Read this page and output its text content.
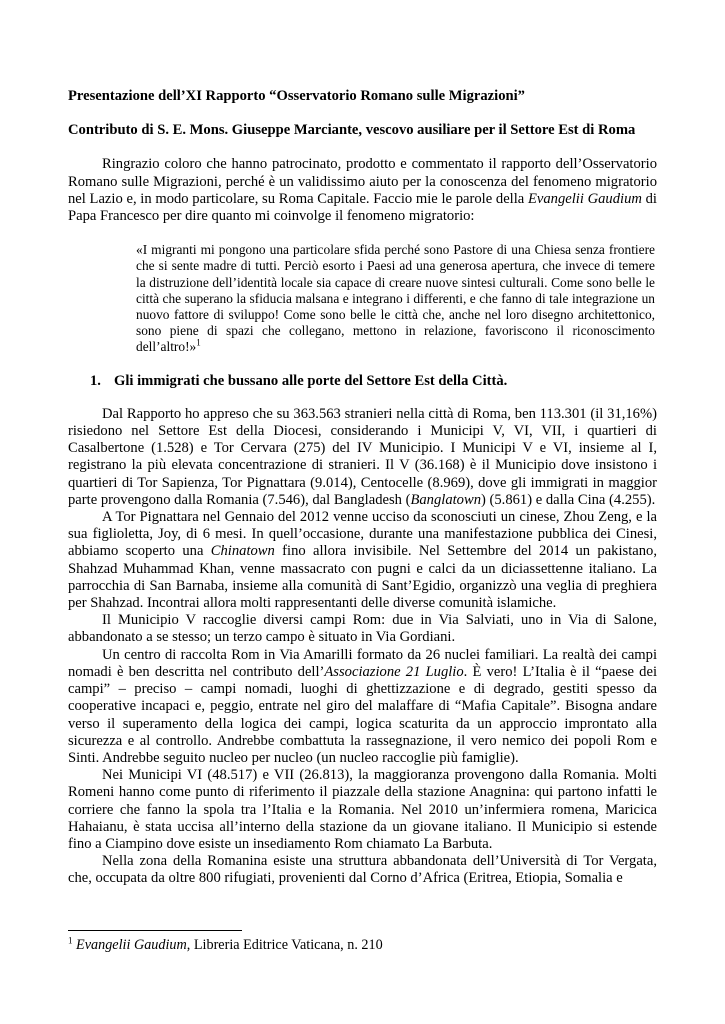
Presentazione dell’XI Rapporto “Osservatorio Romano sulle Migrazioni”

Contributo di S. E. Mons. Giuseppe Marciante, vescovo ausiliare per il Settore Est di Roma

Ringrazio coloro che hanno patrocinato, prodotto e commentato il rapporto dell’Osservatorio Romano sulle Migrazioni, perché è un validissimo aiuto per la conoscenza del fenomeno migratorio nel Lazio e, in modo particolare, su Roma Capitale. Faccio mie le parole della Evangelii Gaudium di Papa Francesco per dire quanto mi coinvolge il fenomeno migratorio:

«I migranti mi pongono una particolare sfida perché sono Pastore di una Chiesa senza frontiere che si sente madre di tutti. Perciò esorto i Paesi ad una generosa apertura, che invece di temere la distruzione dell’identità locale sia capace di creare nuove sintesi culturali. Come sono belle le città che superano la sfiducia malsana e integrano i differenti, e che fanno di tale integrazione un nuovo fattore di sviluppo! Come sono belle le città che, anche nel loro disegno architettonico, sono piene di spazi che collegano, mettono in relazione, favoriscono il riconoscimento dell’altro!»$^1$

1. Gli immigrati che bussano alle porte del Settore Est della Città.

Dal Rapporto ho appreso che su 363.563 stranieri nella città di Roma, ben 113.301 (il 31,16%) risiedono nel Settore Est della Diocesi, considerando i Municipi V, VI, VII, i quartieri di Casalbertone (1.528) e Tor Cervara (275) del IV Municipio. I Municipi V e VI, insieme al I, registrano la più elevata concentrazione di stranieri. Il V (36.168) è il Municipio dove insistono i quartieri di Tor Sapienza, Tor Pignattara (9.014), Centocelle (8.969), dove gli immigrati in maggior parte provengono dalla Romania (7.546), dal Bangladesh (Banglatown) (5.861) e dalla Cina (4.255).

A Tor Pignattara nel Gennaio del 2012 venne ucciso da sconosciuti un cinese, Zhou Zeng, e la sua figlioletta, Joy, di 6 mesi. In quell’occasione, durante una manifestazione pubblica dei Cinesi, abbiamo scoperto una Chinatown fino allora invisibile. Nel Settembre del 2014 un pakistano, Shahzad Muhammad Khan, venne massacrato con pugni e calci da un diciassettenne italiano. La parrocchia di San Barnaba, insieme alla comunità di Sant’Egidio, organizzò una veglia di preghiera per Shahzad. Incontrai allora molti rappresentanti delle diverse comunità islamiche.

Il Municipio V raccoglie diversi campi Rom: due in Via Salviati, uno in Via di Salone, abbandonato a se stesso; un terzo campo è situato in Via Gordiani.

Un centro di raccolta Rom in Via Amarilli formato da 26 nuclei familiari. La realtà dei campi nomadi è ben descritta nel contributo dell’Associazione 21 Luglio. È vero! L’Italia è il “paese dei campi” – preciso – campi nomadi, luoghi di ghettizzazione e di degrado, gestiti spesso da cooperative incapaci e, peggio, entrate nel giro del malaffare di “Mafia Capitale”. Bisogna andare verso il superamento della logica dei campi, logica scaturita da un approccio improntato alla sicurezza e al controllo. Andrebbe combattuta la rassegnazione, il vero nemico dei popoli Rom e Sinti. Andrebbe seguito nucleo per nucleo (un nucleo raccoglie più famiglie).

Nei Municipi VI (48.517) e VII (26.813), la maggioranza provengono dalla Romania. Molti Romeni hanno come punto di riferimento il piazzale della stazione Anagnina: qui partono infatti le corriere che fanno la spola tra l’Italia e la Romania. Nel 2010 un’infermiera romena, Maricica Hahaianu, è stata uccisa all’interno della stazione da un giovane italiano. Il Municipio si estende fino a Ciampino dove esiste un insediamento Rom chiamato La Barbuta.

Nella zona della Romanina esiste una struttura abbandonata dell’Università di Tor Vergata, che, occupata da oltre 800 rifugiati, provenienti dal Corno d’Africa (Eritrea, Etiopia, Somalia e

$^1$ Evangelii Gaudium, Libreria Editrice Vaticana, n. 210
